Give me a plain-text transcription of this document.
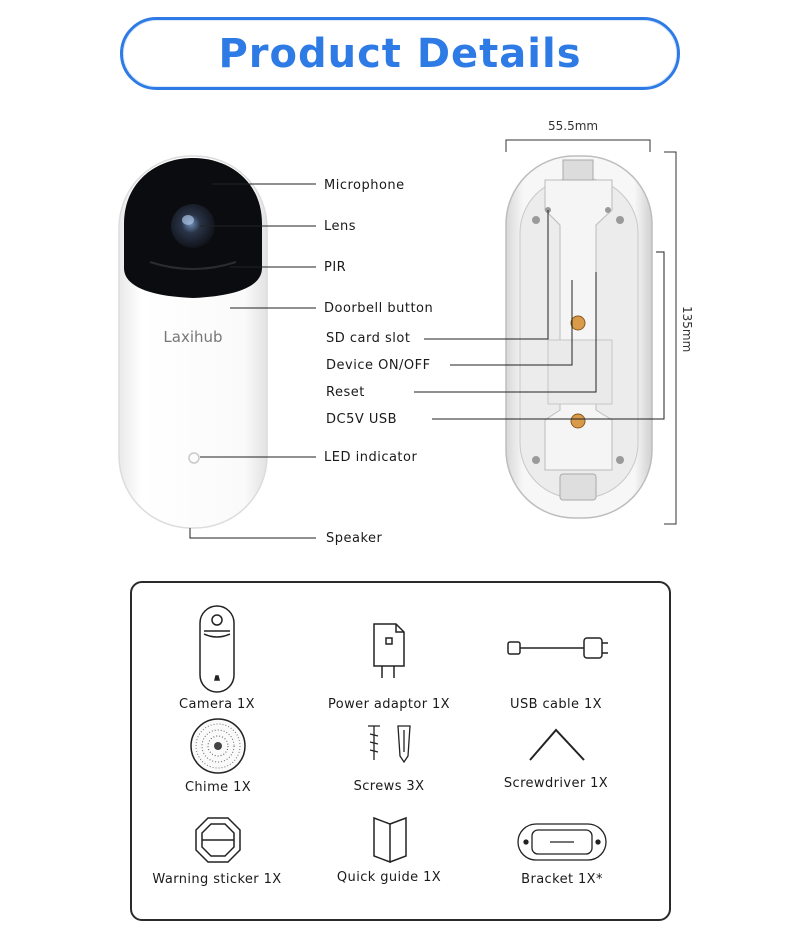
Product Details
Laxihub
55.5mm
135mm
Microphone
Lens
PIR
Doorbell button
SD card slot
Device ON/OFF
Reset
DC5V USB
LED indicator
Speaker
Camera 1X	Power adaptor 1X	USB cable 1X
Chime 1X	Screws 3X	Screwdriver 1X
Warning sticker 1X	Quick guide 1X	Bracket 1X*
